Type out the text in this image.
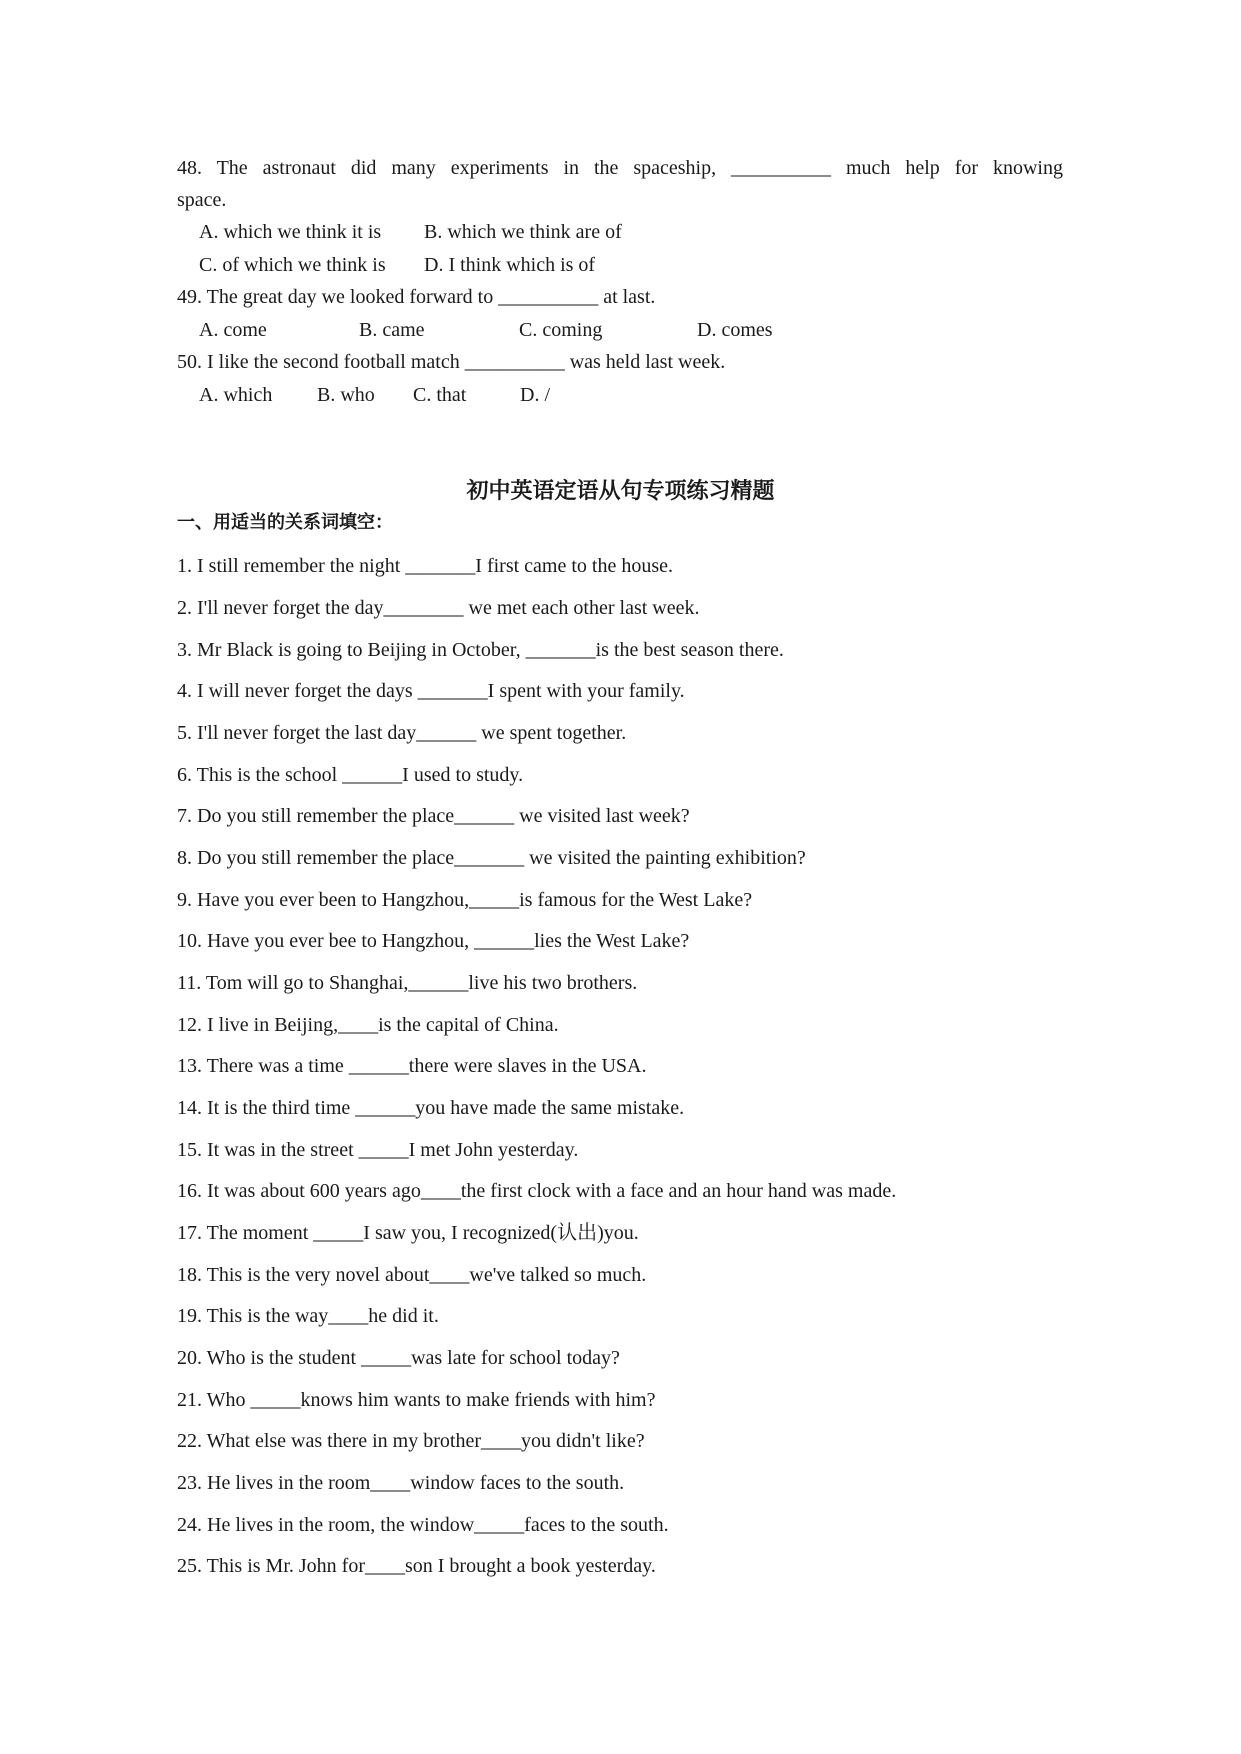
48. The astronaut did many experiments in the spaceship, __________ much help for knowing
space.
A. which we think it is B. which we think are of
C. of which we think is D. I think which is of
49. The great day we looked forward to __________ at last.
A. come	B. came	C. coming	D. comes
50. I like the second football match __________ was held last week.
A. which B. who C. that	D. /
初中英语定语从句专项练习精题
一、用适当的关系词填空：
1. I still remember the night _______I first came to the house.
2. I'll never forget the day________ we met each other last week.
3. Mr Black is going to Beijing in October, _______is the best season there.
4. I will never forget the days _______I spent with your family.
5. I'll never forget the last day______ we spent together.
6. This is the school ______I used to study.
7. Do you still remember the place______ we visited last week?
8. Do you still remember the place_______ we visited the painting exhibition?
9. Have you ever been to Hangzhou,_____is famous for the West Lake?
10. Have you ever bee to Hangzhou, ______lies the West Lake?
11. Tom will go to Shanghai,______live his two brothers.
12. I live in Beijing,____is the capital of China.
13. There was a time ______there were slaves in the USA.
14. It is the third time ______you have made the same mistake.
15. It was in the street _____I met John yesterday.
16. It was about 600 years ago____the first clock with a face and an hour hand was made.
17. The moment _____I saw you, I recognized(认出)you.
18. This is the very novel about____we've talked so much.
19. This is the way____he did it.
20. Who is the student _____was late for school today?
21. Who _____knows him wants to make friends with him?
22. What else was there in my brother____you didn't like?
23. He lives in the room____window faces to the south.
24. He lives in the room, the window_____faces to the south.
25. This is Mr. John for____son I brought a book yesterday.
